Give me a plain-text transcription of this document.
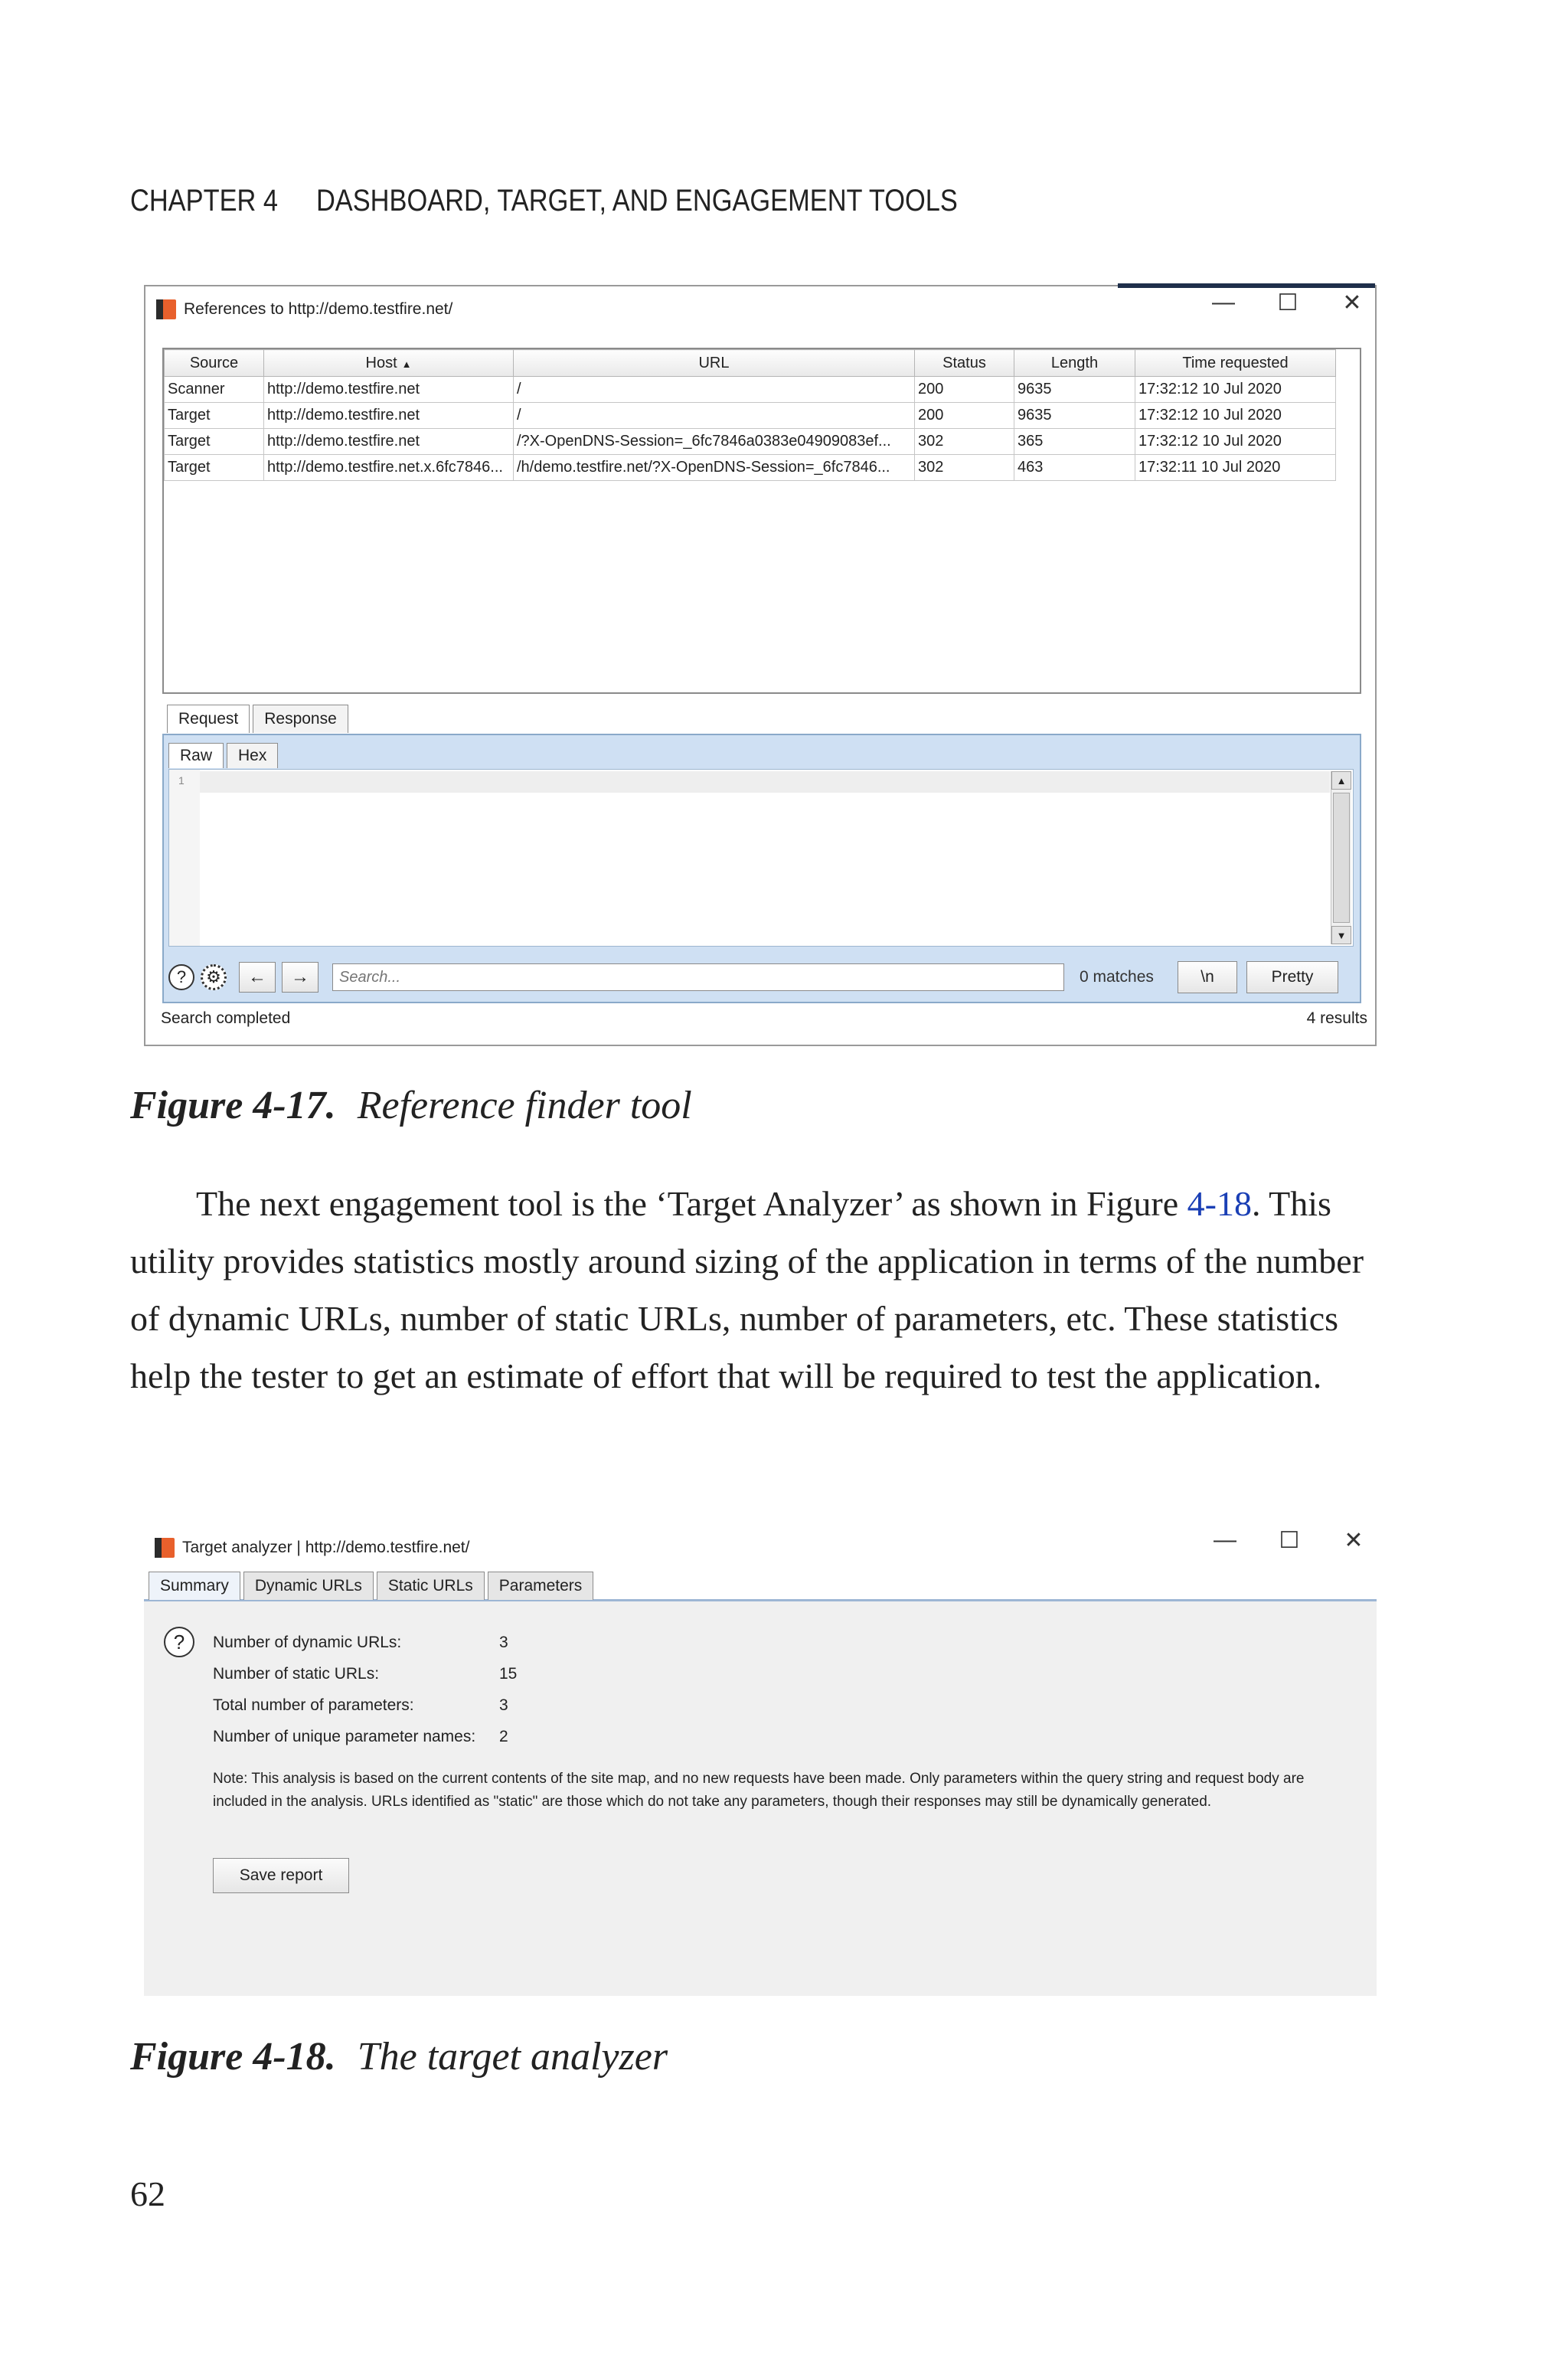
CHAPTER 4 DASHBOARD, TARGET, AND ENGAGEMENT TOOLS
References to http://demo.testfire.net/	— ☐ ✕
Source	Host ▲	URL	Status	Length	Time requested
Scanner	http://demo.testfire.net	/	200	9635	17:32:12 10 Jul 2020
Target	http://demo.testfire.net	/	200	9635	17:32:12 10 Jul 2020
Target	http://demo.testfire.net	/?X-OpenDNS-Session=_6fc7846a0383e04909083ef...	302	365	17:32:12 10 Jul 2020
Target	http://demo.testfire.net.x.6fc7846...	/h/demo.testfire.net/?X-OpenDNS-Session=_6fc7846...	302	463	17:32:11 10 Jul 2020
Request	Response
Raw	Hex
1	▲
▼
?	⚙	←	→
Search...	0 matches	\n	Pretty
Search completed	4 results
Figure 4-17. Reference finder tool

The next engagement tool is the ‘Target Analyzer’ as shown in Figure 4-18. This utility provides statistics mostly around sizing of the application in terms of the number of dynamic URLs, number of static URLs, number of parameters, etc. These statistics help the tester to get an estimate of effort that will be required to test the application.

Target analyzer | http://demo.testfire.net/	— ☐ ✕
Summary	Dynamic URLs	Static URLs	Parameters
?	Number of dynamic URLs:	3
Number of static URLs:	15
Total number of parameters:	3
Number of unique parameter names:	2
Note: This analysis is based on the current contents of the site map, and no new requests have been made. Only parameters within the query string and request body are included in the analysis. URLs identified as "static" are those which do not take any parameters, though their responses may still be dynamically generated.
Save report
Figure 4-18. The target analyzer
62
